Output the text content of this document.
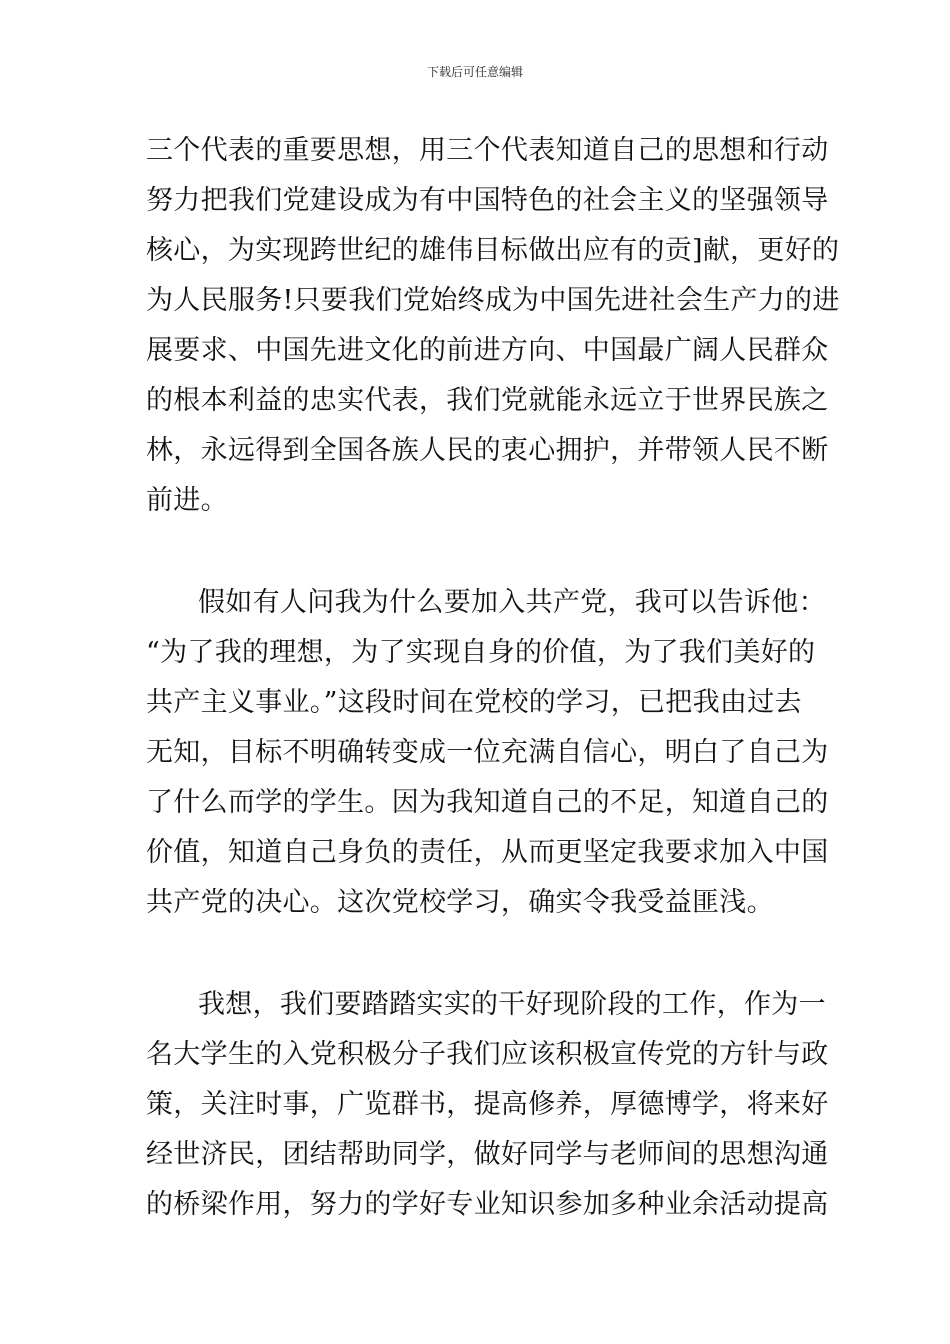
下载后可任意编辑
三个代表的重要思想，用三个代表知道自己的思想和行动
努力把我们党建设成为有中国特色的社会主义的坚强领导
核心，为实现跨世纪的雄伟目标做出应有的贡]献，更好的
为人民服务!只要我们党始终成为中国先进社会生产力的进
展要求、中国先进文化的前进方向、中国最广阔人民群众
的根本利益的忠实代表，我们党就能永远立于世界民族之
林，永远得到全国各族人民的衷心拥护，并带领人民不断
前进。
假如有人问我为什么要加入共产党，我可以告诉他：
“为了我的理想，为了实现自身的价值，为了我们美好的
共产主义事业。”这段时间在党校的学习，已把我由过去
无知，目标不明确转变成一位充满自信心，明白了自己为
了什么而学的学生。因为我知道自己的不足，知道自己的
价值，知道自己身负的责任，从而更坚定我要求加入中国
共产党的决心。这次党校学习，确实令我受益匪浅。
我想，我们要踏踏实实的干好现阶段的工作，作为一
名大学生的入党积极分子我们应该积极宣传党的方针与政
策，关注时事，广览群书，提高修养，厚德博学，将来好
经世济民，团结帮助同学，做好同学与老师间的思想沟通
的桥梁作用，努力的学好专业知识参加多种业余活动提高
